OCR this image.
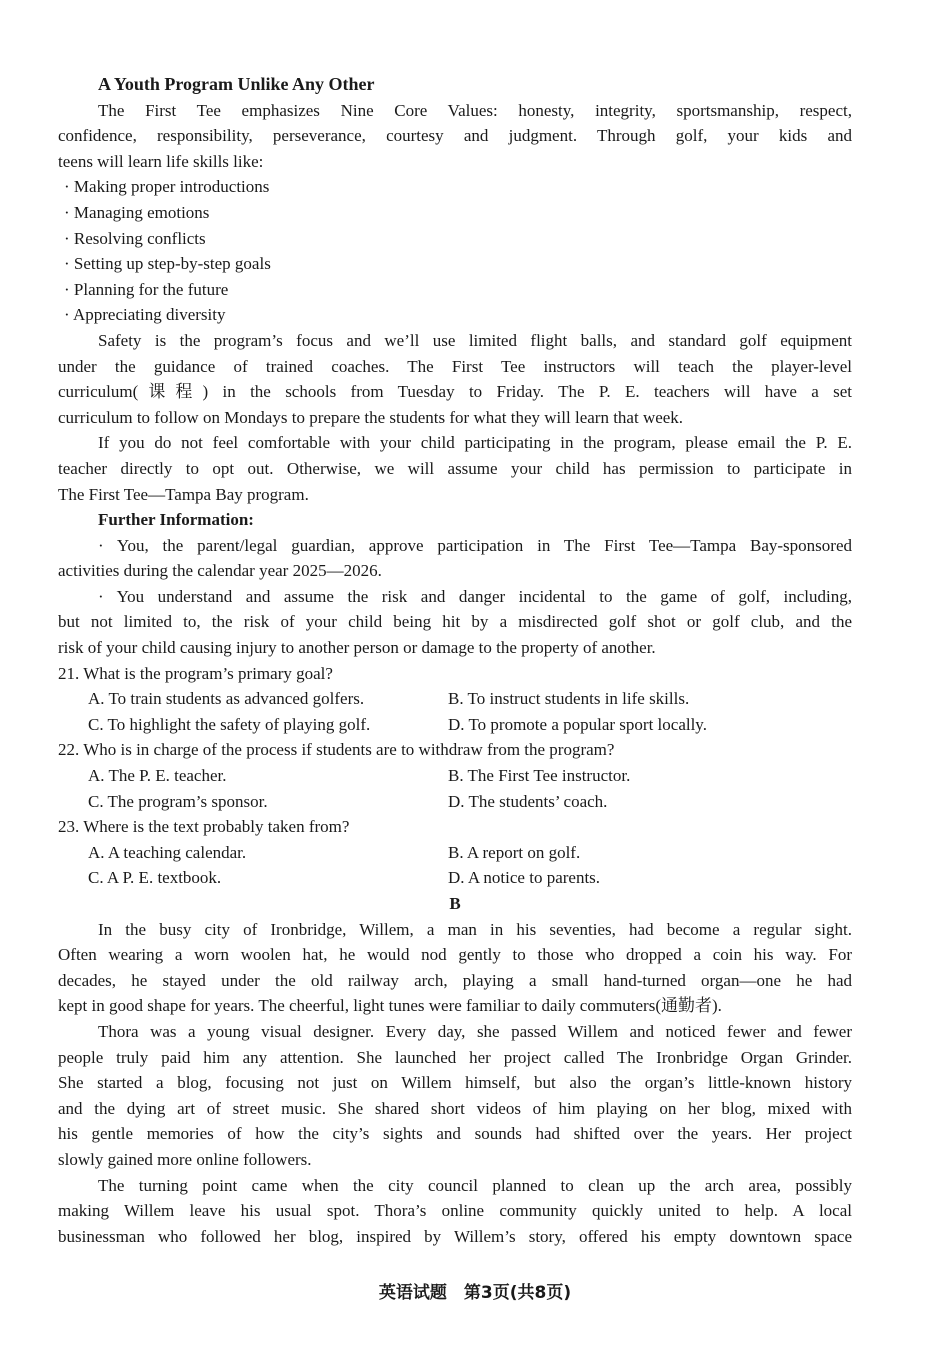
A Youth Program Unlike Any Other
The First Tee emphasizes Nine Core Values: honesty, integrity, sportsmanship, respect,
confidence, responsibility, perseverance, courtesy and judgment. Through golf, your kids and
teens will learn life skills like:
· Making proper introductions
· Managing emotions
· Resolving conflicts
· Setting up step-by-step goals
· Planning for the future
· Appreciating diversity
Safety is the program’s focus and we’ll use limited flight balls, and standard golf equipment
under the guidance of trained coaches. The First Tee instructors will teach the player-level
curriculum(课程) in the schools from Tuesday to Friday. The P. E. teachers will have a set
curriculum to follow on Mondays to prepare the students for what they will learn that week.
If you do not feel comfortable with your child participating in the program, please email the P. E.
teacher directly to opt out. Otherwise, we will assume your child has permission to participate in
The First Tee—Tampa Bay program.
Further Information:
· You, the parent/legal guardian, approve participation in The First Tee—Tampa Bay-sponsored
activities during the calendar year 2025—2026.
· You understand and assume the risk and danger incidental to the game of golf, including,
but not limited to, the risk of your child being hit by a misdirected golf shot or golf club, and the
risk of your child causing injury to another person or damage to the property of another.
21. What is the program’s primary goal?
A. To train students as advanced golfers.	B. To instruct students in life skills.
C. To highlight the safety of playing golf.	D. To promote a popular sport locally.
22. Who is in charge of the process if students are to withdraw from the program?
A. The P. E. teacher.	B. The First Tee instructor.
C. The program’s sponsor.	D. The students’ coach.
23. Where is the text probably taken from?
A. A teaching calendar.	B. A report on golf.
C. A P. E. textbook.	D. A notice to parents.
B
In the busy city of Ironbridge, Willem, a man in his seventies, had become a regular sight.
Often wearing a worn woolen hat, he would nod gently to those who dropped a coin his way. For
decades, he stayed under the old railway arch, playing a small hand-turned organ—one he had
kept in good shape for years. The cheerful, light tunes were familiar to daily commuters(通勤者).
Thora was a young visual designer. Every day, she passed Willem and noticed fewer and fewer
people truly paid him any attention. She launched her project called The Ironbridge Organ Grinder.
She started a blog, focusing not just on Willem himself, but also the organ’s little-known history
and the dying art of street music. She shared short videos of him playing on her blog, mixed with
his gentle memories of how the city’s sights and sounds had shifted over the years. Her project
slowly gained more online followers.
The turning point came when the city council planned to clean up the arch area, possibly
making Willem leave his usual spot. Thora’s online community quickly united to help. A local
businessman who followed her blog, inspired by Willem’s story, offered his empty downtown space
英语试题　第3页(共8页)
